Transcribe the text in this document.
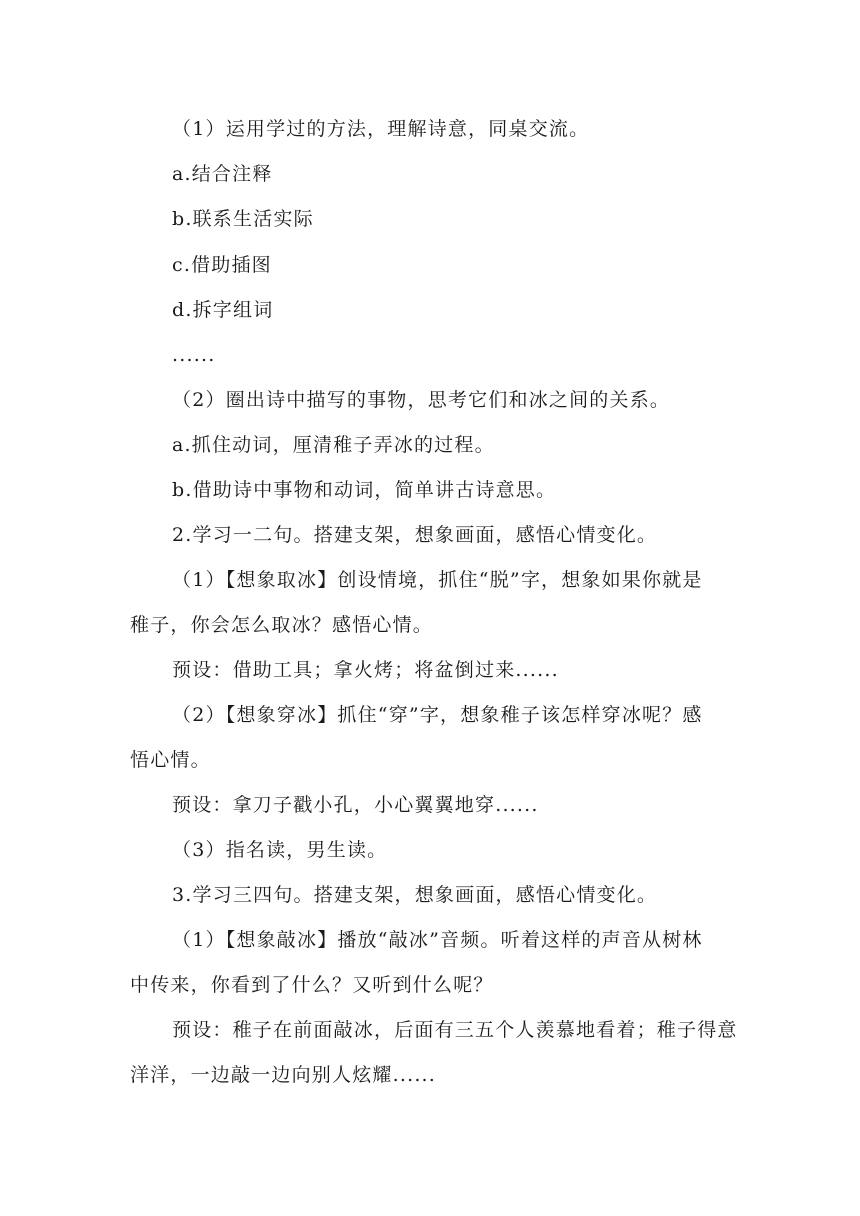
（1）运用学过的方法，理解诗意，同桌交流。
a.结合注释
b.联系生活实际
c.借助插图
d.拆字组词
......
（2）圈出诗中描写的事物，思考它们和冰之间的关系。
a.抓住动词，厘清稚子弄冰的过程。
b.借助诗中事物和动词，简单讲古诗意思。
2.学习一二句。搭建支架，想象画面，感悟心情变化。
（1）【想象取冰】创设情境，抓住“脱”字，想象如果你就是
稚子，你会怎么取冰？感悟心情。
预设：借助工具；拿火烤；将盆倒过来......
（2）【想象穿冰】抓住“穿”字，想象稚子该怎样穿冰呢？感
悟心情。
预设：拿刀子戳小孔，小心翼翼地穿......
（3）指名读，男生读。
3.学习三四句。搭建支架，想象画面，感悟心情变化。
（1）【想象敲冰】播放“敲冰”音频。听着这样的声音从树林
中传来，你看到了什么？又听到什么呢？
预设：稚子在前面敲冰，后面有三五个人羡慕地看着；稚子得意
洋洋，一边敲一边向别人炫耀......
